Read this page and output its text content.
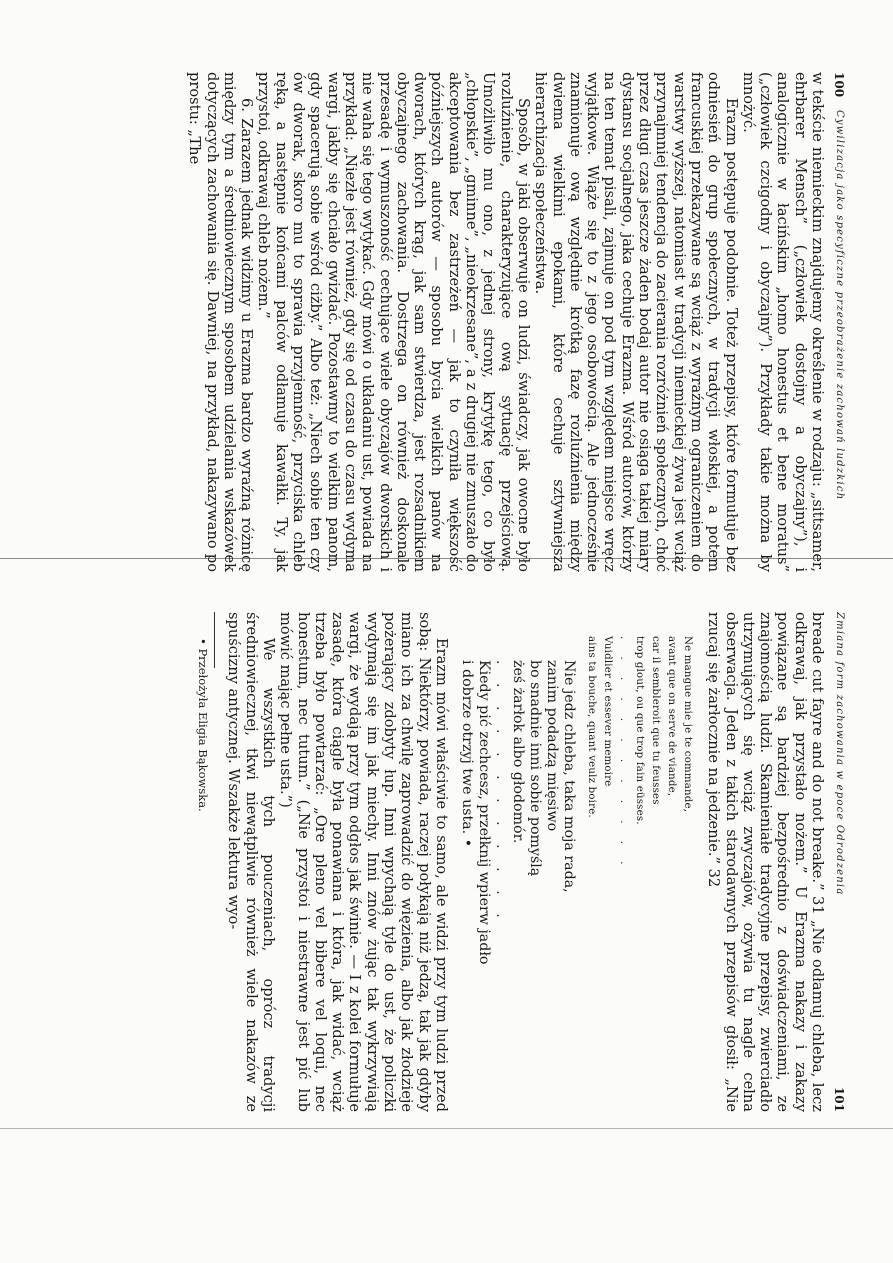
100
Cywilizacja jako specyficzne przeobrażenie zachowań ludzkich

w tekście niemieckim znajdujemy określenie w rodzaju: „sittsamer, ehrbarer Mensch” („człowiek dostojny a obyczajny”), i analogicznie w łacińskim „homo honestus et bene moratus” („człowiek czcigodny i obyczajny”). Przykłady takie można by mnożyć.

Erazm postępuje podobnie. Toteż przepisy, które formułuje bez odniesień do grup społecznych, w tradycji włoskiej, a potem francuskiej przekazywane są wciąż z wyraźnym ograniczeniem do warstwy wyższej, natomiast w tradycji niemieckiej żywa jest wciąż przynajmniej tendencja do zacierania rozróżnień społecznych, choć przez długi czas jeszcze żaden bodaj autor nie osiąga takiej miary dystansu socjalnego, jaka cechuje Erazma. Wśród autorów, którzy na ten temat pisali, zajmuje on pod tym względem miejsce wręcz wyjątkowe. Wiąże się to z jego osobowością. Ale jednocześnie znamionuje ową względnie krótką fazę rozluźnienia między dwiema wielkimi epokami, które cechuje sztywniejsza hierarchizacja społeczeństwa.

Sposób, w jaki obserwuje on ludzi, świadczy, jak owocne było rozluźnienie, charakteryzujące ową sytuację przejściową. Umożliwiło mu ono, z jednej strony, krytykę tego, co było „chłopskie”, „gminne”, „nieokrzesane”, a z drugiej nie zmuszało do akceptowania bez zastrzeżeń — jak to czyniła większość późniejszych autorów — sposobu bycia wielkich panów na dworach, których krąg, jak sam stwierdza, jest rozsadnikiem obyczajnego zachowania. Dostrzega on również doskonale przesadę i wymuszoność cechujące wiele obyczajów dworskich i nie waha się tego wytykać. Gdy mówi o układaniu ust, powiada na przykład: „Niezłe jest również, gdy się od czasu do czasu wydyma wargi, jakby się chciało gwizdać. Pozostawmy to wielkim panom, gdy spacerują sobie wśród ciżby.” Albo też: „Niech sobie ten czy ów dworak, skoro mu to sprawia przyjemność, przyciska chleb ręką, a następnie końcami palców odłamuje kawałki. Ty, jak przystoi, odkrawaj chleb nożem.”

6. Zarazem jednak widzimy u Erazma bardzo wyraźną różnicę między tym a średniowiecznym sposobem udzielania wskazówek dotyczących zachowania się. Dawniej, na przykład, nakazywano po prostu: „The

Zmiana form zachowania w epoce Odrodzenia
101

breade cut fayre and do not breake.” 31 „Nie odłamuj chleba, lecz odkrawaj, jak przystało nożem.” U Erazma nakazy i zakazy powiązane są bardziej bezpośrednio z doświadczeniami, ze znajomością ludzi. Skamieniałe tradycyjne przepisy, zwierciadło utrzymujących się wciąż zwyczajów, ożywia tu nagle celna obserwacja. Jeden z takich starodawnych przepisów głosił: „Nie rzucaj się żarłocznie na jedzenie.” 32

Ne mangue mie je te commande,
avant que on serve de viande,
car il sembleroit que tu feusses
trop glout, ou que trop fain eüsses.
. . . . . . . . . . . .
Vuidlier et essever memoire
ains ta bouche, quant veulz boire.
Nie jedz chleba, taka moja rada,
zanim podadzą mięsiwo
bo snadnie inni sobie pomyślą
żeś żarłok albo głodomór.
. . . . . . . . . . . .
Kiedy pić zechcesz, przełknij wpierw jadło
i dobrze otrzyj twe usta. •

Erazm mówi właściwie to samo, ale widzi przy tym ludzi przed sobą: Niektórzy, powiada, raczej połykają niż jedzą, tak jak gdyby miano ich za chwilę zaprowadzić do więzienia, albo jak złodzieje pożerający zdobyty łup. Inni wpychają tyle do ust, że policzki wydymają się im jak miechy. Inni znów żując tak wykrzywiają wargi, że wydają przy tym odgłos jak świnie. — I z kolei formułuje zasadę, która ciągle była ponawiana i która, jak widać, wciąż trzeba było powtarzać: „Ore pleno vel bibere vel loqui, nec honestum, nec tutum.” („Nie przystoi i niestrawne jest pić lub mówić mając pełne usta.”)

We wszystkich tych pouczeniach, oprócz tradycji średniowiecznej, tkwi niewątpliwie również wiele nakazów ze spuścizny antycznej. Wszakże lektura wyo-

• Przełożyła Eligia Bąkowska.
